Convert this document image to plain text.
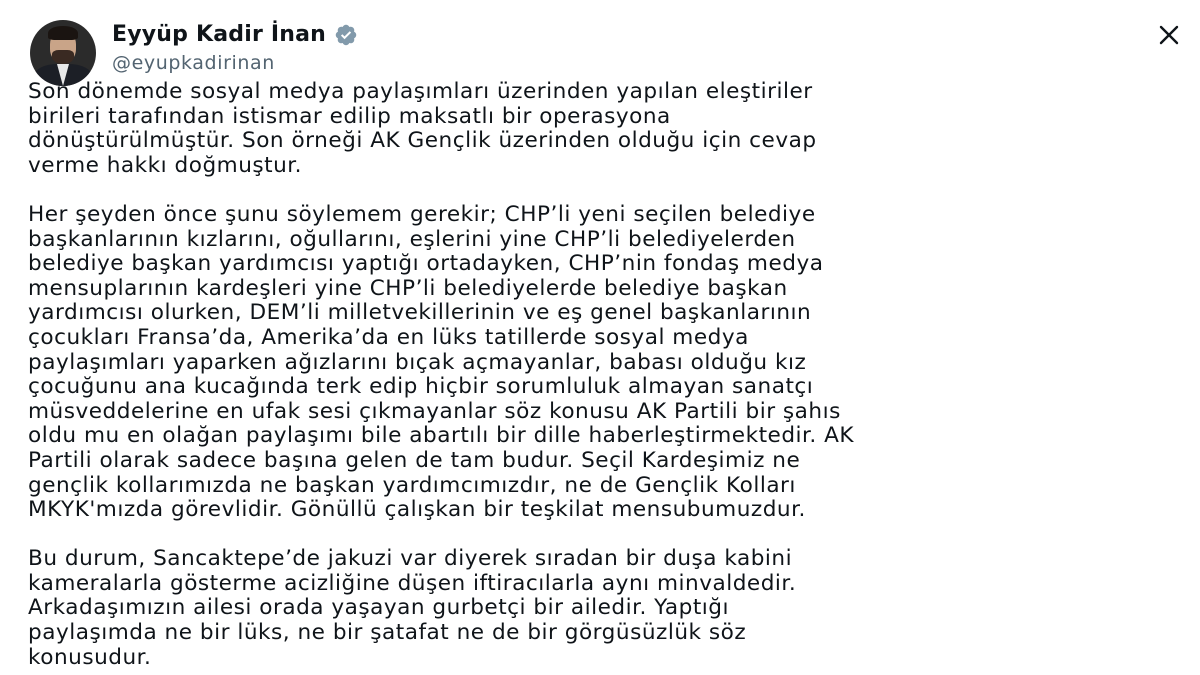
Eyyüp Kadir İnan
@eyupkadirinan

Son dönemde sosyal medya paylaşımları üzerinden yapılan eleştiriler
birileri tarafından istismar edilip maksatlı bir operasyona
dönüştürülmüştür. Son örneği AK Gençlik üzerinden olduğu için cevap
verme hakkı doğmuştur.

Her şeyden önce şunu söylemem gerekir; CHP’li yeni seçilen belediye
başkanlarının kızlarını, oğullarını, eşlerini yine CHP’li belediyelerden
belediye başkan yardımcısı yaptığı ortadayken, CHP’nin fondaş medya
mensuplarının kardeşleri yine CHP’li belediyelerde belediye başkan
yardımcısı olurken, DEM’li milletvekillerinin ve eş genel başkanlarının
çocukları Fransa’da, Amerika’da en lüks tatillerde sosyal medya
paylaşımları yaparken ağızlarını bıçak açmayanlar, babası olduğu kız
çocuğunu ana kucağında terk edip hiçbir sorumluluk almayan sanatçı
müsveddelerine en ufak sesi çıkmayanlar söz konusu AK Partili bir şahıs
oldu mu en olağan paylaşımı bile abartılı bir dille haberleştirmektedir. AK
Partili olarak sadece başına gelen de tam budur. Seçil Kardeşimiz ne
gençlik kollarımızda ne başkan yardımcımızdır, ne de Gençlik Kolları
MKYK'mızda görevlidir. Gönüllü çalışkan bir teşkilat mensubumuzdur.

Bu durum, Sancaktepe’de jakuzi var diyerek sıradan bir duşa kabini
kameralarla gösterme acizliğine düşen iftiracılarla aynı minvaldedir.
Arkadaşımızın ailesi orada yaşayan gurbetçi bir ailedir. Yaptığı
paylaşımda ne bir lüks, ne bir şatafat ne de bir görgüsüzlük söz
konusudur.
